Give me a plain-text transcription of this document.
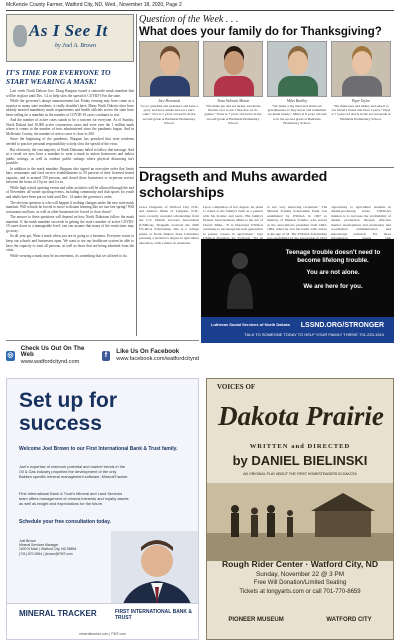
McKenzie County Farmer, Watford City, ND, Wed., November 18, 2020, Page 2
As I See It
by Joel A. Brown
IT'S TIME FOR EVERYONE TO START WEARING A MASK!

Last week North Dakota Gov. Doug Burgum issued a statewide mask mandate that will be in place until Dec. 14, to help slow the spread of COVID-19 in the state.

While the governor's abrupt announcement last Friday evening may have come as a surprise to many state residents, it really shouldn't have. Many North Dakota cities have already enacted mandatory mask requirements and health officials across the state have been calling for a mandate as the number of COVID-19 cases continues to rise.

And the number of active cases stands to be a concern for everyone. As of Sunday, North Dakota had 10,000 active coronavirus cases and were over the 1 million mark where it comes to the number of tests administered since the pandemic began. And in McKenzie County, the number of active cases is close to 200.

Since the beginning of the pandemic, Burgum has preached that state residents needed to practice personal responsibility to help slow the spread of the virus.

But obviously, the vast majority of North Dakotans failed to follow that message. And as a result we now have a mandate to wear a mask in indoor businesses and indoor public settings, as well as outdoor public settings where physical distancing isn't possible.

In addition to the mask mandate, Burgum also signed an executive order that limits bars, restaurants and food service establishments to 50 percent of their licensed seated capacity, and to around 150 persons, and closed these businesses to in-person service between the hours of 10 p.m. and 4 a.m.

While high school sporting events and other activities will be allowed through the end of November, all winter sporting events, including community and club sports for youth and adults have been put on hold until Dec. 14 under the governor's order.

The obvious question is who will happen if nothing changes under the new state mask mandate. Will schools be forced to move to distant learning like we saw last spring? Will restaurants and bars, as well as other businesses be forced to close down?

The answer to these questions will depend on how North Dakotans follow the mask mandate. If the mask mandate succeeds in getting the state's number of active COVID-19 cases down to a manageable level, one can assume that many of the restrictions may go away.

So all year get, Wear a mask when you are in going to a business. Everyone wants to keep our schools and businesses open. We want to see our healthcare system be able to have the capacity to treat all persons, as well as those that are being admitted from the virus.

While wearing a mask may be inconvenient, it's something that we all need to do.

Question of the Week . . .
What does your family do for Thanksgiving?
Jace Hovestadt
"Go to grandma and grandpa's and have a party and have drinks and eat a pie's cake." Jace is 7 years old and is in the second grade at Badlands Elementary School.
Tessa Valencia Munoz
"We make pie and eat turkey and invite friends over to eat. I like that we do games." Tessa is 7 years old and is in the second grade at Badlands Elementary School.
Miles Buckley
"We make a big meal and invite our grandparents so they know and remember we made turkey." Miles is 8 years old and is in the second grade at Badlands Elementary School.
Piper Taylor
"We make pies and turkey and take it to our friend's house and have a party." Piper is 7 years old and is in the second grade at Badlands Elementary School.
Dragseth and Muhs awarded scholarships
Grace Dragseth, of Watford City, N.D., and Andrew Muhs of Langdon, N.D., were recently awarded scholarships from the U.S. Durum Growers Association (USDGA). Dragseth received the 2020 US-DGA Scholarship. She is a college senior at North Dakota State University pursuing a bachelor's degree in agriculture education, with a minor in extension.
Upon completion of her degree, he plans to return to his family's farm as a partner with his brother and uncle. His family's Pioneer Seed business, Muhs is the son of Cheryl Muhs. "It is important USDGA continues to encourage the next generation to pursue careers in agriculture," says
to two very deserving recipients." The Mission Schultz Scholarship Fund was established by USDGA in 1997 in memory of Mission Schultz, who served as the association's president from 1962-1964, when he lost his battle with cancer at the age of 53. The USDGA Scholarship
opportunity to agriculture students in durum-producing states. USDGA's mission is to increase the profitability of durum production through effective market development and promotion and coordinated communication and educational outreach. For more
Teenage trouble doesn't need to become lifelong trouble.
You are not alone.
We are here for you.
Lutheran Social Services of North Dakota LSSND.ORG/STRONGER
TALK TO SOMEONE TODAY TO HELP YOUR FAMILY THRIVE 701-223-1510
◎
Check Us Out On The Web
www.watfordcitynd.com
f
Like Us On Facebook
www.facebook.com/watfordcitynd
Set up for success
Welcome Joel Brown to our First International Bank & Trust family.
Joel's expertise of reservoir potential and market trends in the Oil & Gas industry propelled the development of the only Bakken specific mineral management software, MineralTracker.
First International Bank & Trust's Mineral and Land Services team offers management of mineral interests and royalty assets as well as insight and expectations for the future.
Schedule your free consultation today.
Joel Brown
Mineral Services Manager
1600 N Main | Watford City, ND 58854
(701) 870-0564 | jbrown@FIBT.com
MINERAL TRACKER	FIRST INTERNATIONAL BANK & TRUST
mineraltracker.com | FIBT.com
VOICES OF
Dakota Prairie
WRITTEN and DIRECTED
by DANIEL BIELINSKI
AN ORIGINAL PLAY ABOUT THE FIRST HOMESTEADERS IN DAKOTA
Rough Rider Center · Watford City, ND
Sunday, November 22 @ 3 PM
Free Will Donation/Limited Seating
Tickets at longyarts.com or call 701-770-8659
PIONEER MUSEUM	WATFORD CITY
